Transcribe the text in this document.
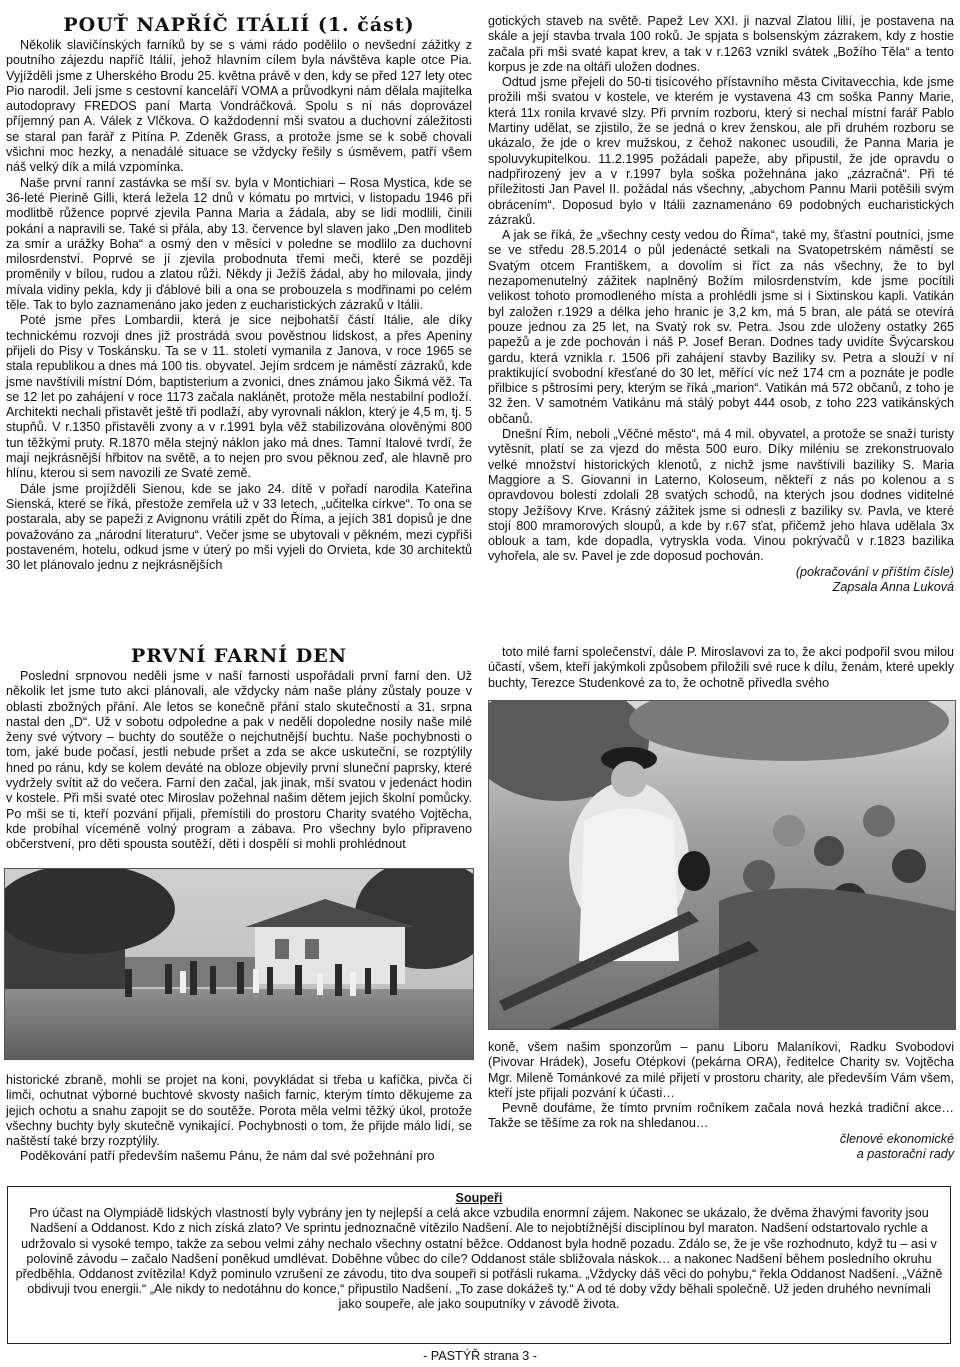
POUŤ NAPŘÍČ ITÁLIÍ (1. část)

Několik slavičínských farníků by se s vámi rádo podělilo o nevšední zážitky z poutního zájezdu napříč Itálií, jehož hlavním cílem byla návštěva kaple otce Pia. Vyjížděli jsme z Uherského Brodu 25. května právě v den, kdy se před 127 lety otec Pio narodil. Jeli jsme s cestovní kanceláří VOMA a průvodkyni nám dělala majitelka autodopravy FREDOS paní Marta Vondráčková. Spolu s ní nás doprovázel příjemný pan A. Válek z Vlčkova. O každodenní mši svatou a duchovní záležitosti se staral pan farář z Pitína P. Zdeněk Grass, a protože jsme se k sobě chovali všichni moc hezky, a nenadálé situace se vždycky řešily s úsměvem, patří všem náš velký dík a milá vzpomínka.

Naše první ranní zastávka se mší sv. byla v Montichiari – Rosa Mystica, kde se 36-leté Pierině Gilli, která ležela 12 dnů v kómatu po mrtvici, v listopadu 1946 při modlitbě růžence poprvé zjevila Panna Maria a žádala, aby se lidi modlili, činili pokání a napravili se. Také si přála, aby 13. července byl slaven jako „Den modliteb za smír a urážky Boha“ a osmý den v měsíci v poledne se modlilo za duchovní milosrdenství. Poprvé se jí zjevila probodnuta třemi meči, které se později proměnily v bílou, rudou a zlatou růži. Někdy ji Ježíš žádal, aby ho milovala, jindy mívala vidiny pekla, kdy ji ďáblové bili a ona se probouzela s modřinami po celém těle. Tak to bylo zaznamenáno jako jeden z eucharistických zázraků v Itálii.

Poté jsme přes Lombardii, která je sice nejbohatší částí Itálie, ale díky technickému rozvoji dnes již prostrádá svou pověstnou lidskost, a přes Apeniny přijeli do Pisy v Toskánsku. Ta se v 11. století vymanila z Janova, v roce 1965 se stala republikou a dnes má 100 tis. obyvatel. Jejím srdcem je náměstí zázraků, kde jsme navštívili místní Dóm, baptisterium a zvonici, dnes známou jako Šikmá věž. Ta se 12 let po zahájení v roce 1173 začala naklánět, protože měla nestabilní podloží. Architekti nechali přistavět ještě tři podlaží, aby vyrovnali náklon, který je 4,5 m, tj. 5 stupňů. V r.1350 přistavěli zvony a v r.1991 byla věž stabilizována olověnými 800 tun těžkými pruty. R.1870 měla stejný náklon jako má dnes. Tamní Italové tvrdí, že mají nejkrásnější hřbitov na světě, a to nejen pro svou pěknou zeď, ale hlavně pro hlínu, kterou si sem navozili ze Svaté země.

Dále jsme projížděli Sienou, kde se jako 24. dítě v pořadí narodila Kateřina Sienská, které se říká, přestože zemřela už v 33 letech, „učitelka církve“. To ona se postarala, aby se papeži z Avignonu vrátili zpět do Říma, a jejích 381 dopisů je dne považováno za „národní literaturu“. Večer jsme se ubytovali v pěkném, mezi cypřiši postaveném, hotelu, odkud jsme v úterý po mši vyjeli do Orvieta, kde 30 architektů 30 let plánovalo jednu z nejkrásnějších

gotických staveb na světě. Papež Lev XXI. ji nazval Zlatou lilií, je postavena na skále a její stavba trvala 100 roků. Je spjata s bolsenským zázrakem, kdy z hostie začala při mši svaté kapat krev, a tak v r.1263 vznikl svátek „Božího Těla“ a tento korpus je zde na oltáři uložen dodnes.

Odtud jsme přejeli do 50-ti tisícového přístavního města Civitavecchia, kde jsme prožili mši svatou v kostele, ve kterém je vystavena 43 cm soška Panny Marie, která 11x ronila krvavé slzy. Při prvním rozboru, který si nechal místní farář Pablo Martiny udělat, se zjistilo, že se jedná o krev ženskou, ale při druhém rozboru se ukázalo, že jde o krev mužskou, z čehož nakonec usoudili, že Panna Maria je spoluvykupitelkou. 11.2.1995 požádali papeže, aby připustil, že jde opravdu o nadpřirozený jev a v r.1997 byla soška požehnána jako „zázračná“. Při té příležitosti Jan Pavel II. požádal nás všechny, „abychom Pannu Marii potěšili svým obrácením“. Doposud bylo v Itálii zaznamenáno 69 podobných eucharistických zázraků.

A jak se říká, že „všechny cesty vedou do Říma“, také my, šťastní poutníci, jsme se ve středu 28.5.2014 o půl jedenácté setkali na Svatopetrském náměstí se Svatým otcem Františkem, a dovolím si říct za nás všechny, že to byl nezapomenutelný zážitek naplněný Božím milosrdenstvím, kde jsme pocítili velikost tohoto promodleného místa a prohlédli jsme si i Sixtinskou kapli. Vatikán byl založen r.1929 a délka jeho hranic je 3,2 km, má 5 bran, ale pátá se otevírá pouze jednou za 25 let, na Svatý rok sv. Petra. Jsou zde uloženy ostatky 265 papežů a je zde pochován i náš P. Josef Beran. Dodnes tady uvidíte Švýcarskou gardu, která vznikla r. 1506 při zahájení stavby Baziliky sv. Petra a slouží v ní praktikující svobodní křesťané do 30 let, měřící víc než 174 cm a poznáte je podle přilbice s pštrosími pery, kterým se říká „marion“. Vatikán má 572 občanů, z toho je 32 žen. V samotném Vatikánu má stálý pobyt 444 osob, z toho 223 vatikánských občanů.

Dnešní Řím, neboli „Věčné město“, má 4 mil. obyvatel, a protože se snaží turisty vytěsnit, platí se za vjezd do města 500 euro. Díky miléniu se zrekonstruovalo velké množství historických klenotů, z nichž jsme navštívili baziliky S. Maria Maggiore a S. Giovanni in Laterno, Koloseum, někteří z nás po kolenou a s opravdovou bolestí zdolali 28 svatých schodů, na kterých jsou dodnes viditelné stopy Ježíšovy Krve. Krásný zážitek jsme si odnesli z baziliky sv. Pavla, ve které stojí 800 mramorových sloupů, a kde by r.67 sťat, přičemž jeho hlava udělala 3x oblouk a tam, kde dopadla, vytryskla voda. Vinou pokrývačů v r.1823 bazilika vyhořela, ale sv. Pavel je zde doposud pochován.

(pokračování v příštím čísle)

Zapsala Anna Luková

PRVNÍ FARNÍ DEN

Poslední srpnovou neděli jsme v naší farnosti uspořádali první farní den. Už několik let jsme tuto akci plánovali, ale vždycky nám naše plány zůstaly pouze v oblasti zbožných přání. Ale letos se konečně přání stalo skutečností a 31. srpna nastal den „D“. Už v sobotu odpoledne a pak v neděli dopoledne nosily naše milé ženy své výtvory – buchty do soutěže o nejchutnější buchtu. Naše pochybnosti o tom, jaké bude počasí, jestli nebude pršet a zda se akce uskuteční, se rozptýlily hned po ránu, kdy se kolem deváté na obloze objevily první sluneční paprsky, které vydržely svítit až do večera. Farní den začal, jak jinak, mší svatou v jedenáct hodin v kostele. Při mši svaté otec Miroslav požehnal našim dětem jejich školní pomůcky. Po mši se ti, kteří pozvání přijali, přemístili do prostoru Charity svatého Vojtěcha, kde probíhal víceméně volný program a zábava. Pro všechny bylo připraveno občerstvení, pro děti spousta soutěží, děti i dospělí si mohli prohlédnout

toto milé farní společenství, dále P. Miroslavovi za to, že akci podpořil svou milou účastí, všem, kteří jakýmkoli způsobem přiložili své ruce k dílu, ženám, které upekly buchty, Terezce Studenkové za to, že ochotně přivedla svého

historické zbraně, mohli se projet na koni, povykládat si třeba u kafíčka, pivča či limči, ochutnat výborné buchtové skvosty našich farnic, kterým tímto děkujeme za jejich ochotu a snahu zapojit se do soutěže. Porota měla velmi těžký úkol, protože všechny buchty byly skutečně vynikající. Pochybnosti o tom, že přijde málo lidí, se naštěstí také brzy rozptýlily.

Poděkování patří především našemu Pánu, že nám dal své požehnání pro

koně, všem našim sponzorům – panu Liboru Malaníkovi, Radku Svobodovi (Pivovar Hrádek), Josefu Otépkovi (pekárna ORA), ředitelce Charity sv. Vojtěcha Mgr. Mileně Tománkové za milé přijetí v prostoru charity, ale především Vám všem, kteří jste přijali pozvání k účasti…

Pevně doufáme, že tímto prvním ročníkem začala nová hezká tradiční akce… Takže se těšíme za rok na shledanou…

členové ekonomické

a pastorační rady

Soupeři
Pro účast na Olympiádě lidských vlastností byly vybrány jen ty nejlepší a celá akce vzbudila enormní zájem. Nakonec se ukázalo, že dvěma žhavými favority jsou Nadšení a Oddanost. Kdo z nich získá zlato? Ve sprintu jednoznačně vítězilo Nadšení. Ale to nejobtížnější disciplínou byl maraton. Nadšení odstartovalo rychle a udržovalo si vysoké tempo, takže za sebou velmi záhy nechalo všechny ostatní běžce. Oddanost byla hodně pozadu. Zdálo se, že je vše rozhodnuto, když tu – asi v polovině závodu – začalo Nadšení poněkud umdlévat. Doběhne vůbec do cíle? Oddanost stále sbližovala náskok… a nakonec Nadšení během posledního okruhu předběhla. Oddanost zvítězila! Když pominulo vzrušení ze závodu, tito dva soupeři si potřásli rukama. „Vždycky dáš věci do pohybu,“ řekla Oddanost Nadšení. „Vážně obdivuji tvou energii.“ „Ale nikdy to nedotáhnu do konce,“ připustilo Nadšení. „To zase dokážeš ty.“ A od té doby vždy běhali společně. Už jeden druhého nevnímali jako soupeře, ale jako souputníky v závodě života.
- PASTÝŘ strana 3 -
